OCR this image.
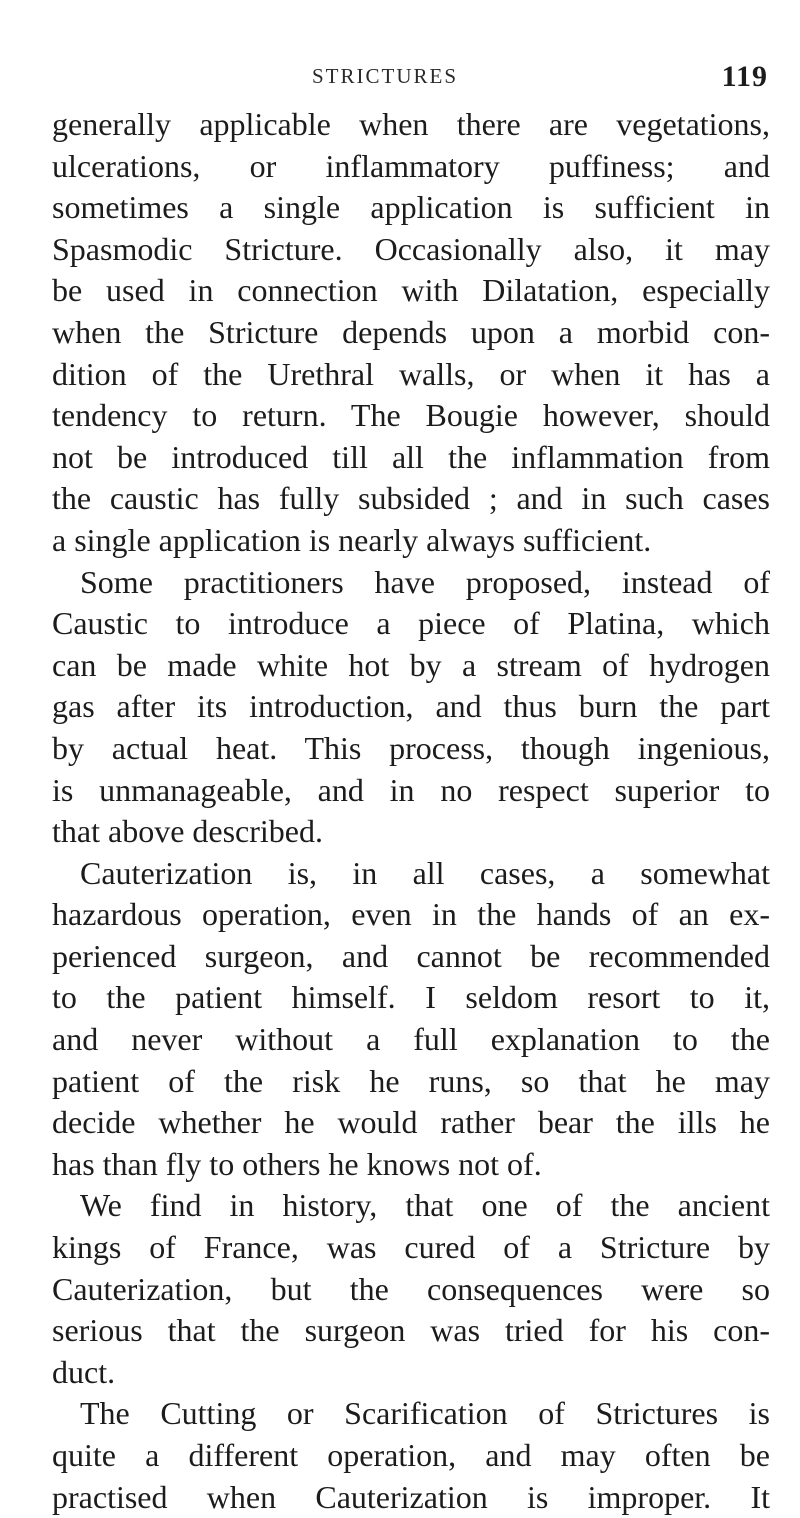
STRICTURES	119
generally applicable when there are vegetations,
ulcerations, or inflammatory puffiness; and
sometimes a single application is sufficient in
Spasmodic Stricture. Occasionally also, it may
be used in connection with Dilatation, especially
when the Stricture depends upon a morbid con-
dition of the Urethral walls, or when it has a
tendency to return. The Bougie however, should
not be introduced till all the inflammation from
the caustic has fully subsided ; and in such cases
a single application is nearly always sufficient.
Some practitioners have proposed, instead of
Caustic to introduce a piece of Platina, which
can be made white hot by a stream of hydrogen
gas after its introduction, and thus burn the part
by actual heat. This process, though ingenious,
is unmanageable, and in no respect superior to
that above described.
Cauterization is, in all cases, a somewhat
hazardous operation, even in the hands of an ex-
perienced surgeon, and cannot be recommended
to the patient himself. I seldom resort to it,
and never without a full explanation to the
patient of the risk he runs, so that he may
decide whether he would rather bear the ills he
has than fly to others he knows not of.
We find in history, that one of the ancient
kings of France, was cured of a Stricture by
Cauterization, but the consequences were so
serious that the surgeon was tried for his con-
duct.
The Cutting or Scarification of Strictures is
quite a different operation, and may often be
practised when Cauterization is improper. It
